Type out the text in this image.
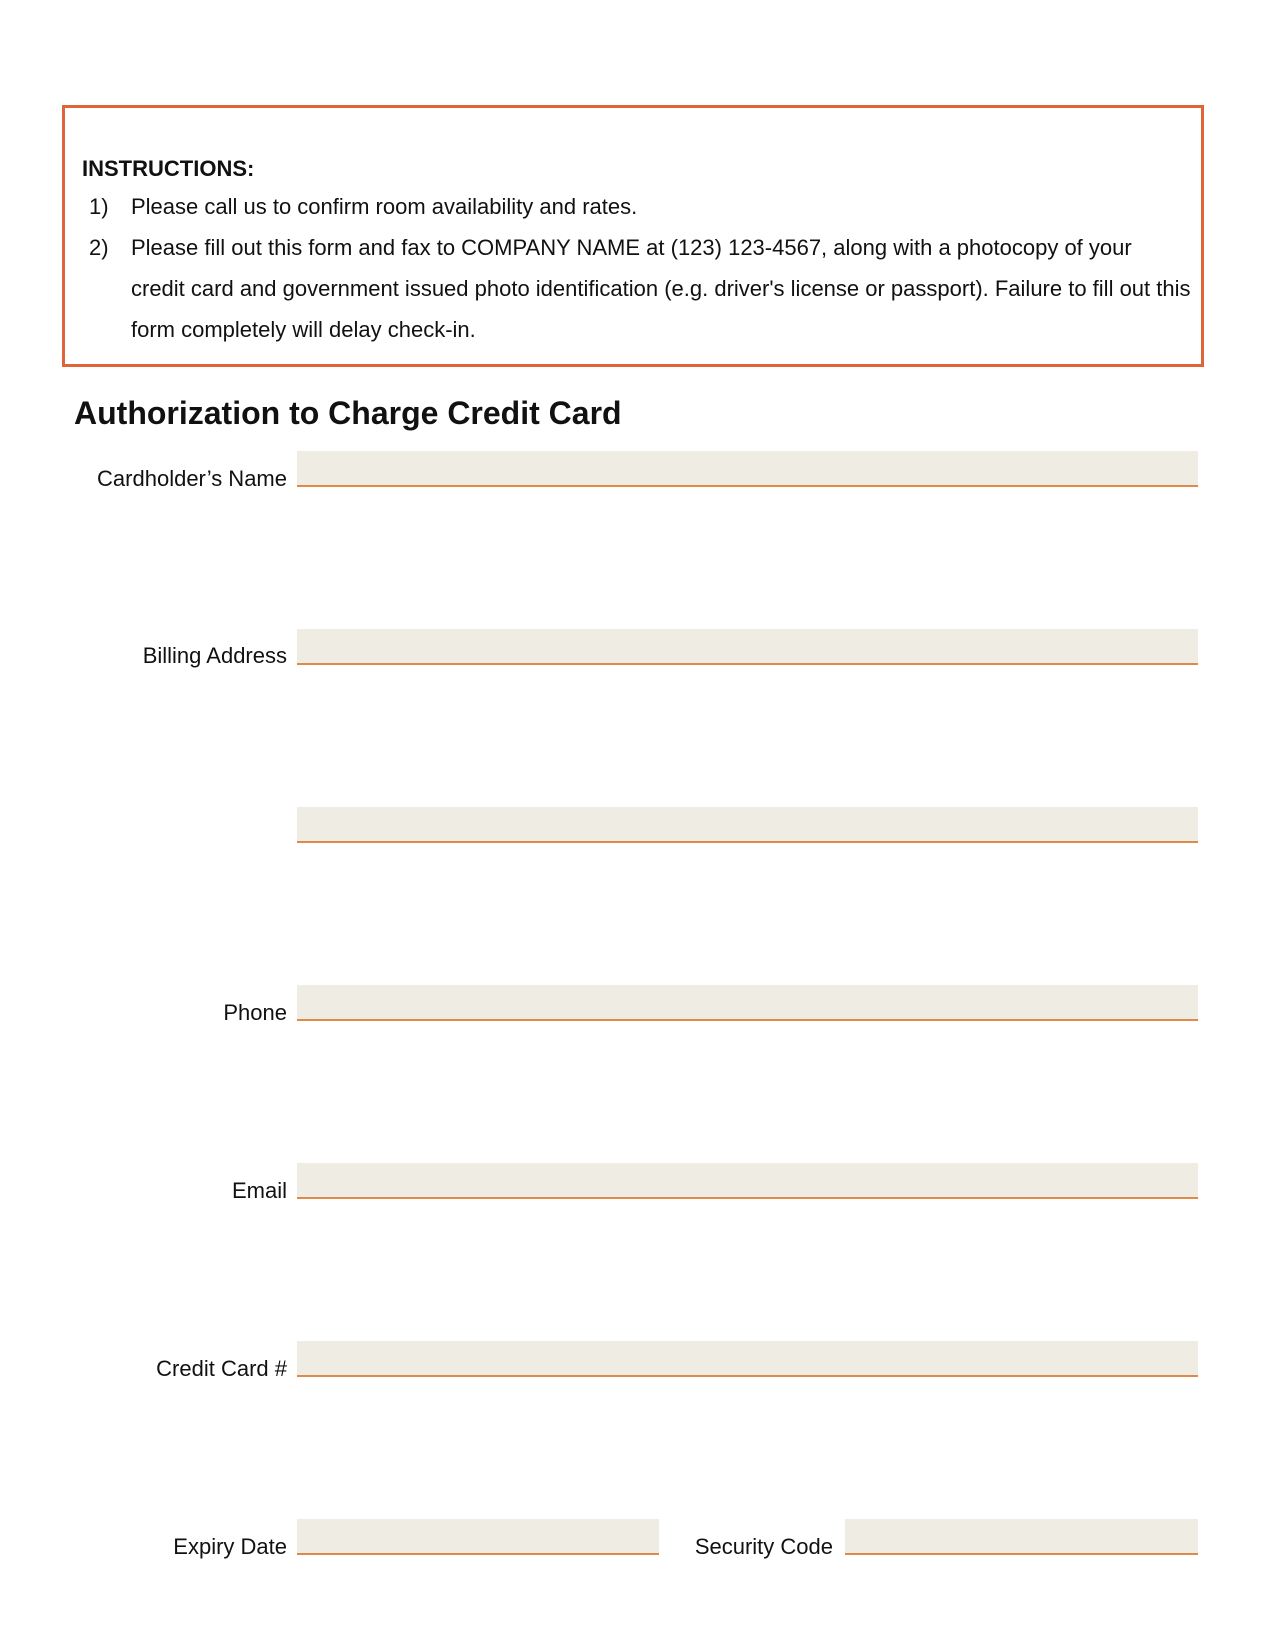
INSTRUCTIONS:
1)	Please call us to confirm room availability and rates.
2)	Please fill out this form and fax to COMPANY NAME at (123) 123-4567, along with a photocopy of your credit card and government issued photo identification (e.g. driver's license or passport). Failure to fill out this form completely will delay check-in.
Authorization to Charge Credit Card
Cardholder’s Name
Billing Address
Phone
Email
Credit Card #
Expiry Date	Security Code
